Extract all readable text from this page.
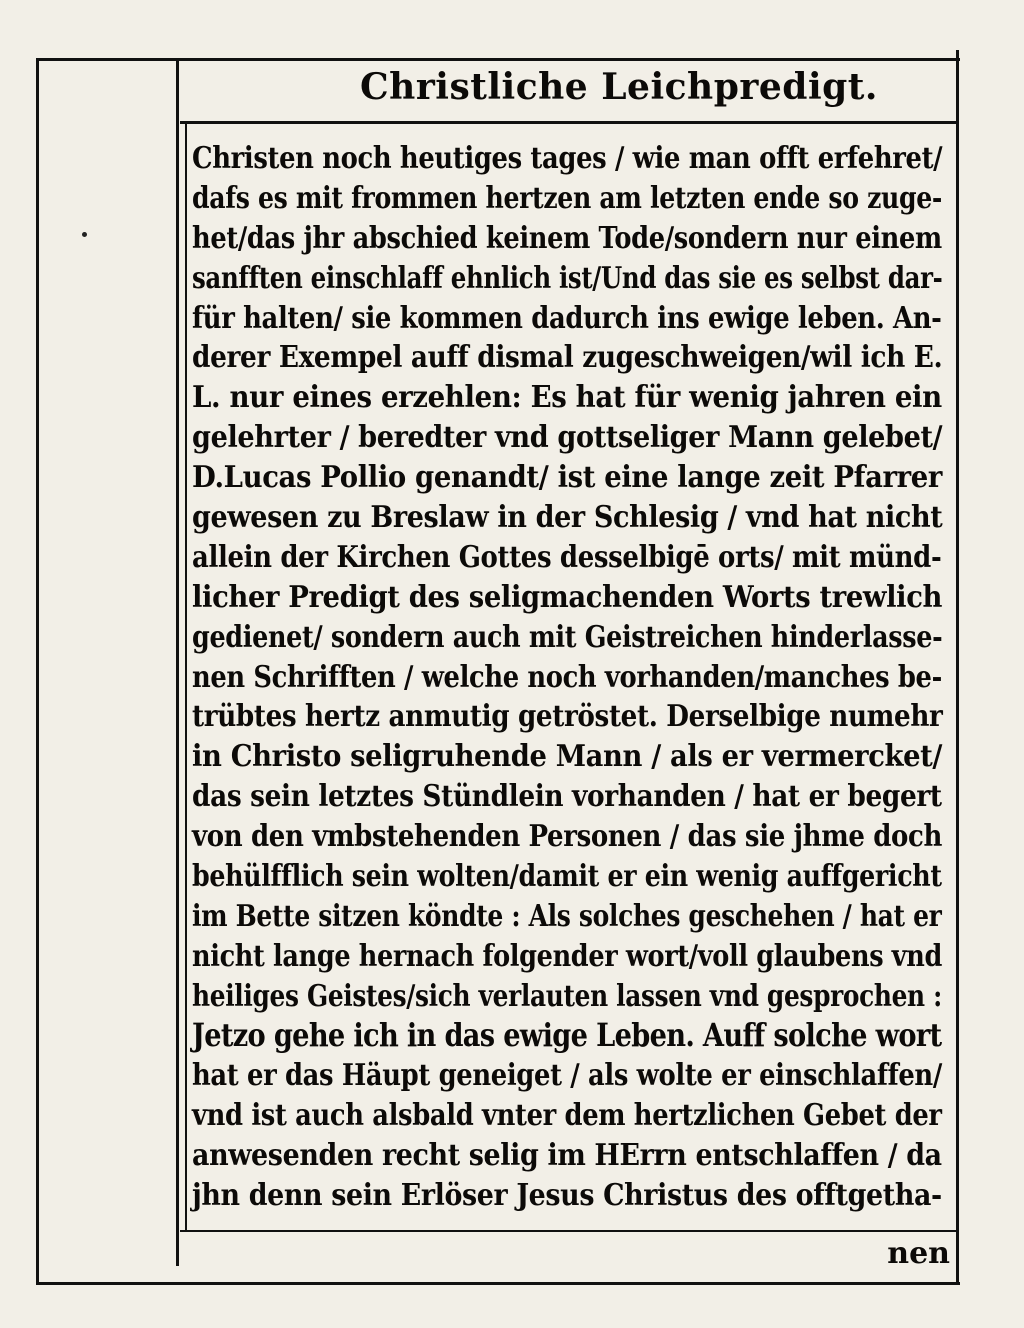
Christliche Leichpredigt.
Christen noch heutiges tages / wie man offt erfehret/
dafs es mit frommen hertzen am letzten ende so zuge-
het/das jhr abschied keinem Tode/sondern nur einem
sanfften einschlaff ehnlich ist/Und das sie es selbst dar-
für halten/ sie kommen dadurch ins ewige leben. An-
derer Exempel auff dismal zugeschweigen/wil ich E.
L. nur eines erzehlen: Es hat für wenig jahren ein
gelehrter / beredter vnd gottseliger Mann gelebet/
D.Lucas Pollio genandt/ ist eine lange zeit Pfarrer
gewesen zu Breslaw in der Schlesig / vnd hat nicht
allein der Kirchen Gottes desselbigē orts/ mit münd-
licher Predigt des seligmachenden Worts trewlich
gedienet/ sondern auch mit Geistreichen hinderlasse-
nen Schrifften / welche noch vorhanden/manches be-
trübtes hertz anmutig getröstet. Derselbige numehr
in Christo seligruhende Mann / als er vermercket/
das sein letztes Stündlein vorhanden / hat er begert
von den vmbstehenden Personen / das sie jhme doch
behülfflich sein wolten/damit er ein wenig auffgericht
im Bette sitzen köndte : Als solches geschehen / hat er
nicht lange hernach folgender wort/voll glaubens vnd
heiliges Geistes/sich verlauten lassen vnd gesprochen :
Jetzo gehe ich in das ewige Leben. Auff solche wort
hat er das Häupt geneiget / als wolte er einschlaffen/
vnd ist auch alsbald vnter dem hertzlichen Gebet der
anwesenden recht selig im HErrn entschlaffen / da
jhn denn sein Erlöser Jesus Christus des offtgetha-
nen
